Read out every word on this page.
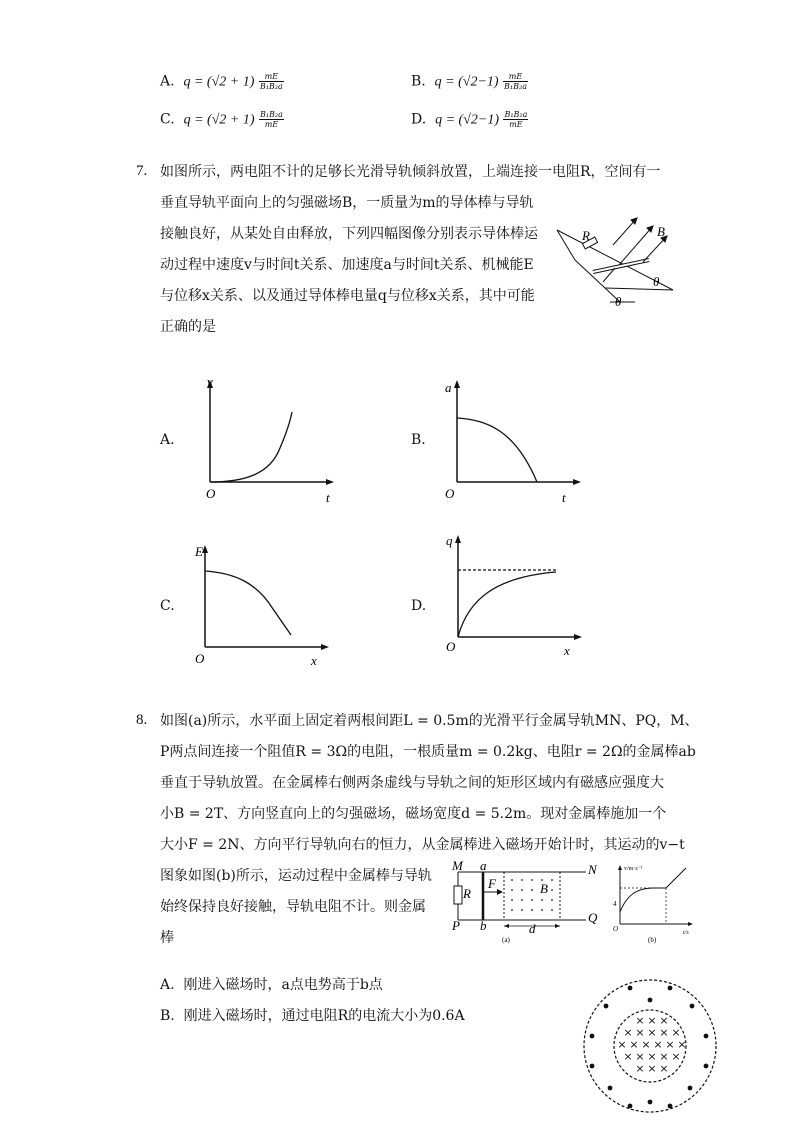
A. $q = (√2 + 1) \frac{mE}{\text{B₁B₂a}}$	B. $q = (√2-1) \frac{mE}{\text{B₁B₂a}}$
C. $q = (√2 + 1) \frac{\text{B₁B₂a}}{mE}$	D. $q = (√2-1) \frac{\text{B₁B₂a}}{mE}$
7. 如图所示，两电阻不计的足够长光滑导轨倾斜放置，上端连接一电阻R，空间有一
垂直导轨平面向上的匀强磁场B，一质量为m的导体棒与导轨
接触良好，从某处自由释放，下列四幅图像分别表示导体棒运
动过程中速度v与时间t关系、加速度a与时间t关系、机械能E
与位移x关系、以及通过导体棒电量q与位移x关系，其中可能
正确的是
R	B
θ
θ
A.
v
t
O
B.
a
t
O
C.
E
x
O
D.
q
x
O
8. 如图(a)所示，水平面上固定着两根间距L = 0.5m的光滑平行金属导轨MN、PQ，M、
P两点间连接一个阻值R = 3Ω的电阻，一根质量m = 0.2kg、电阻r = 2Ω的金属棒ab
垂直于导轨放置。在金属棒右侧两条虚线与导轨之间的矩形区域内有磁感应强度大
小B = 2T、方向竖直向上的匀强磁场，磁场宽度d = 5.2m。现对金属棒施加一个
大小F = 2N、方向平行导轨向右的恒力，从金属棒进入磁场开始计时，其运动的v−t
图象如图(b)所示，运动过程中金属棒与导轨
始终保持良好接触，导轨电阻不计。则金属
棒
M a	N
P b
Q
R
F	B
d
(a)
v/m·s⁻¹
4
O	t/s
(b)
A. 刚进入磁场时，a点电势高于b点
B. 刚进入磁场时，通过电阻R的电流大小为0.6A	× × ×
× × × × ×
× × × × × ×
× × × × ×
× × ×
